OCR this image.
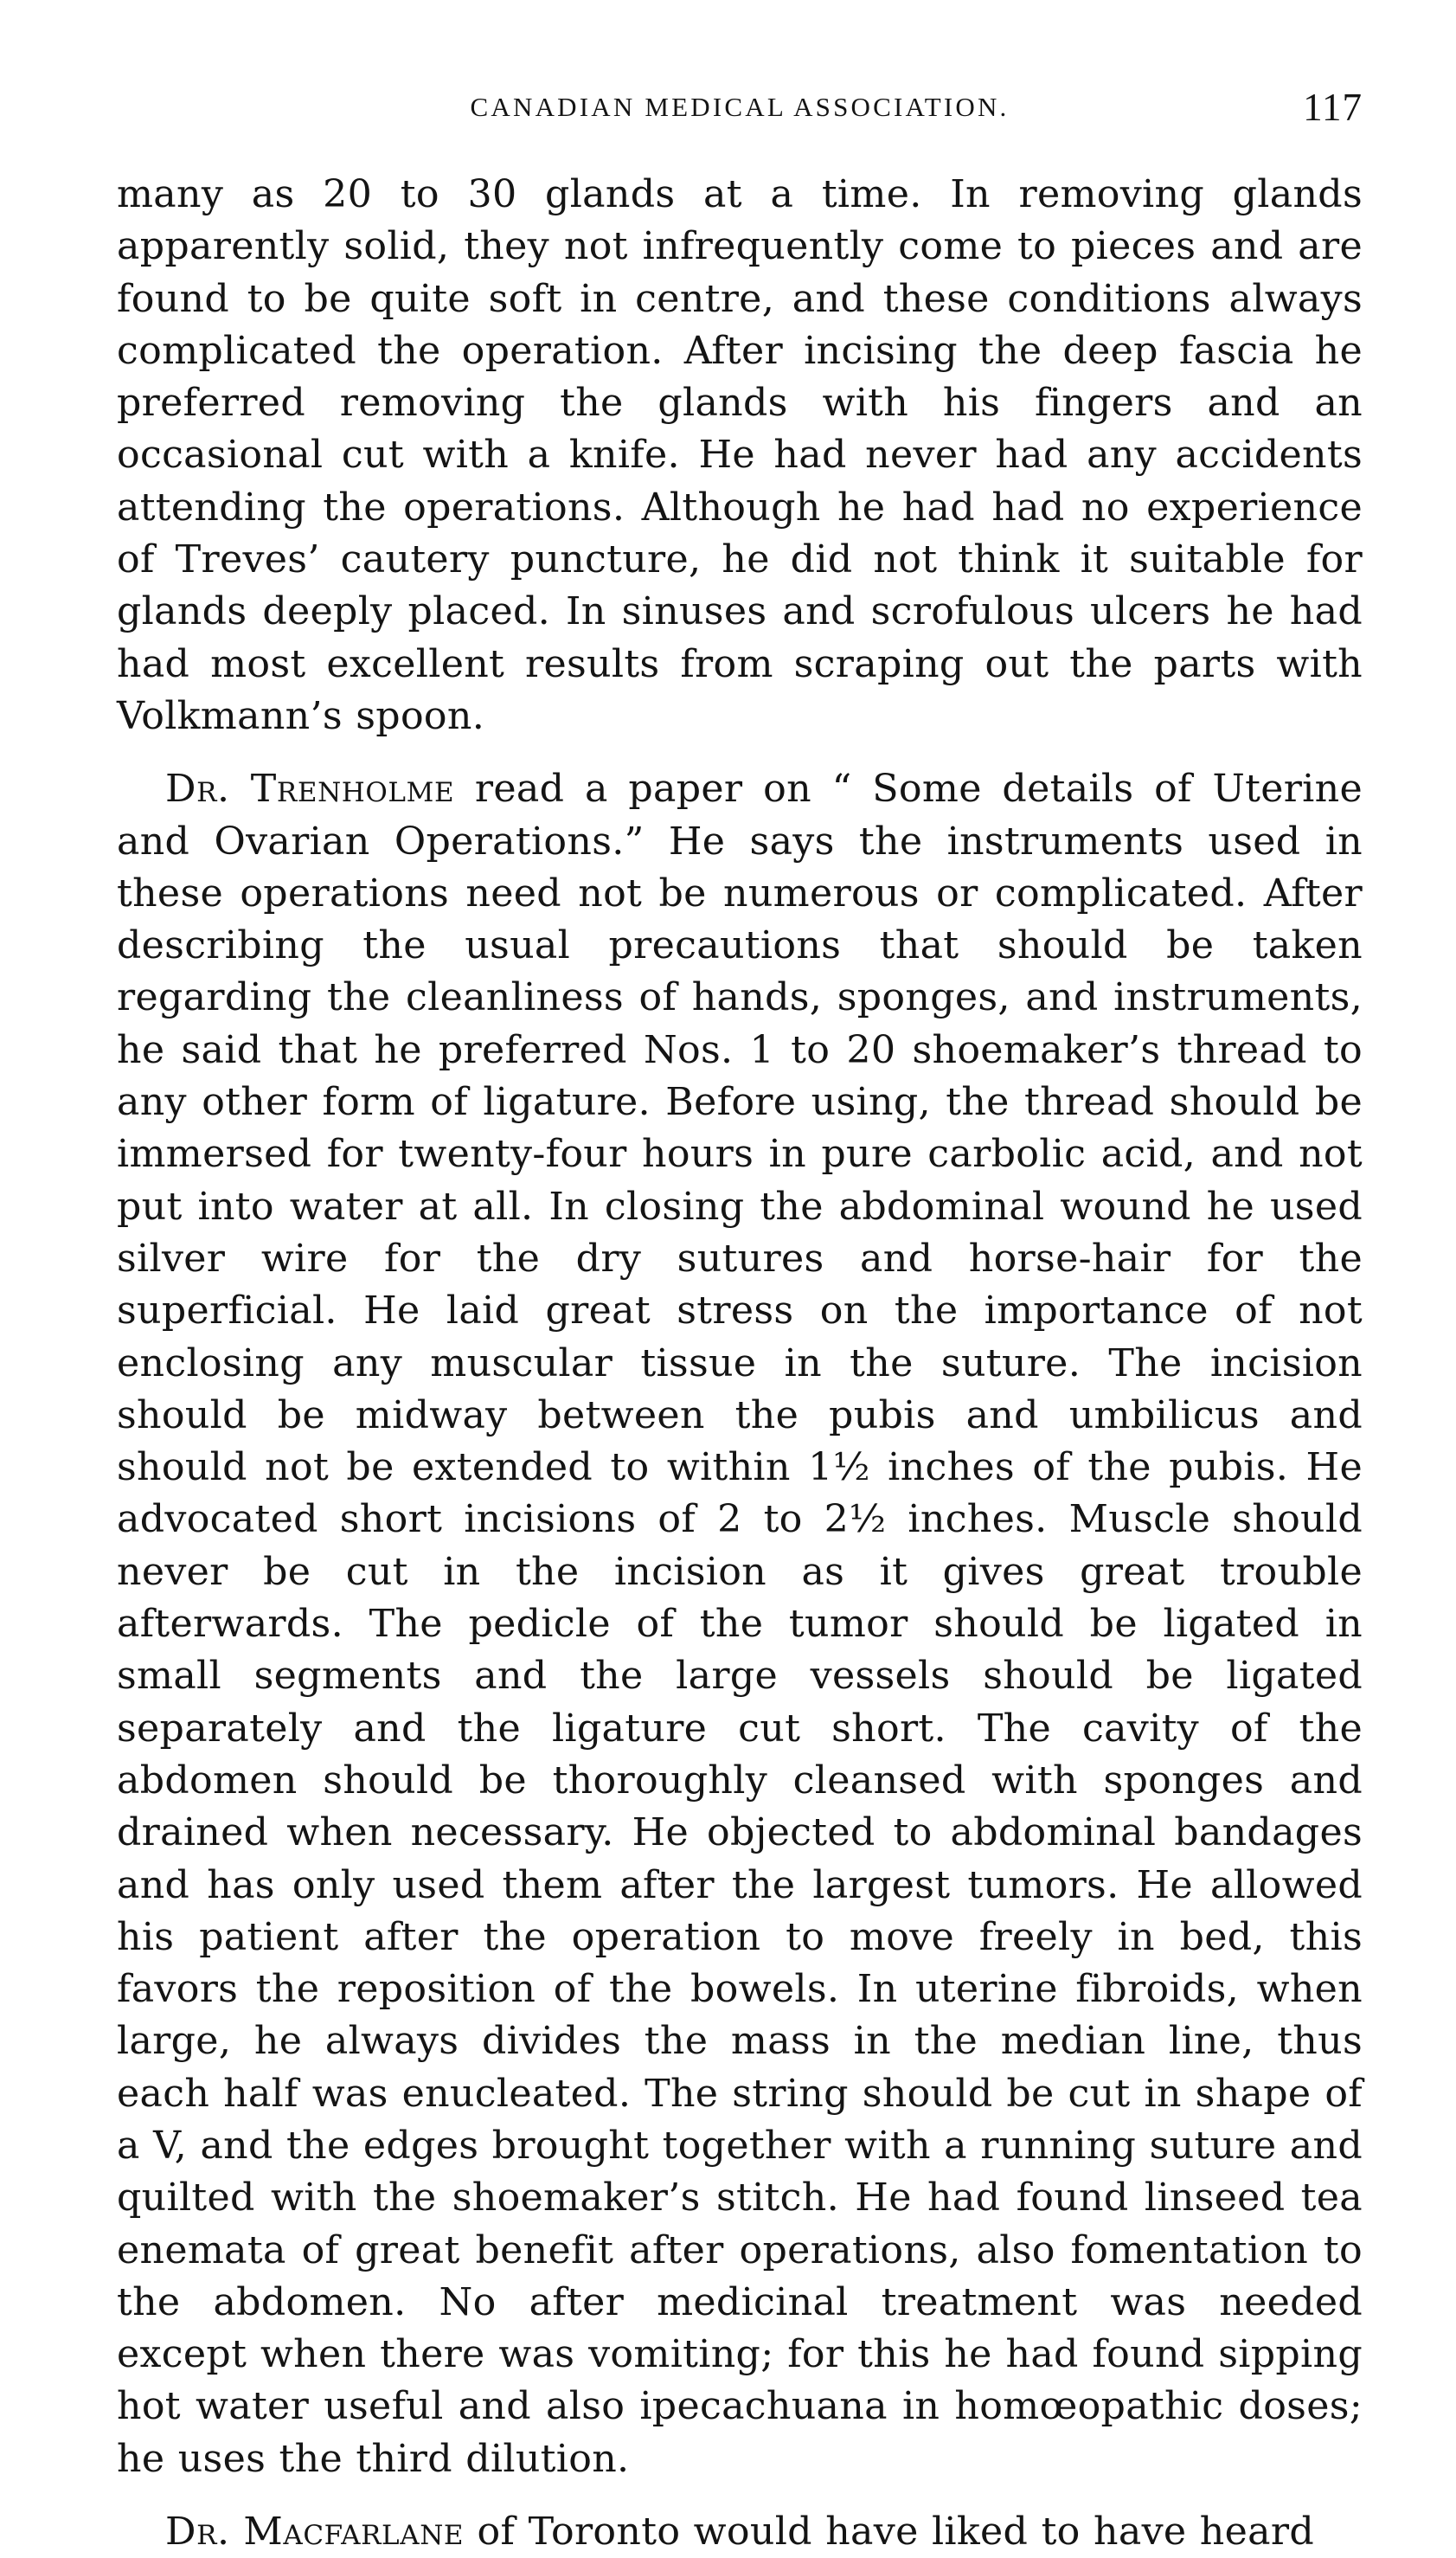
CANADIAN MEDICAL ASSOCIATION.	117

many as 20 to 30 glands at a time. In removing glands apparently solid, they not infrequently come to pieces and are found to be quite soft in centre, and these conditions always complicated the operation. After incising the deep fascia he preferred removing the glands with his fingers and an occasional cut with a knife. He had never had any accidents attending the operations. Although he had had no experience of Treves’ cautery puncture, he did not think it suitable for glands deeply placed. In sinuses and scrofulous ulcers he had had most excellent results from scraping out the parts with Volkmann’s spoon.

Dr. Trenholme read a paper on “ Some details of Uterine and Ovarian Operations.” He says the instruments used in these operations need not be numerous or complicated. After describing the usual precautions that should be taken regarding the cleanliness of hands, sponges, and instruments, he said that he preferred Nos. 1 to 20 shoemaker’s thread to any other form of ligature. Before using, the thread should be immersed for twenty-four hours in pure carbolic acid, and not put into water at all. In closing the abdominal wound he used silver wire for the dry sutures and horse-hair for the superficial. He laid great stress on the importance of not enclosing any muscular tissue in the suture. The incision should be midway between the pubis and umbilicus and should not be extended to within 1½ inches of the pubis. He advocated short incisions of 2 to 2½ inches. Muscle should never be cut in the incision as it gives great trouble afterwards. The pedicle of the tumor should be ligated in small segments and the large vessels should be ligated separately and the ligature cut short. The cavity of the abdomen should be thoroughly cleansed with sponges and drained when necessary. He objected to abdominal bandages and has only used them after the largest tumors. He allowed his patient after the operation to move freely in bed, this favors the reposition of the bowels. In uterine fibroids, when large, he always divides the mass in the median line, thus each half was enucleated. The string should be cut in shape of a V, and the edges brought together with a running suture and quilted with the shoemaker’s stitch. He had found linseed tea enemata of great benefit after operations, also fomentation to the abdomen. No after medicinal treatment was needed except when there was vomiting; for this he had found sipping hot water useful and also ipecachuana in homœopathic doses; he uses the third dilution.

Dr. Macfarlane of Toronto would have liked to have heard
